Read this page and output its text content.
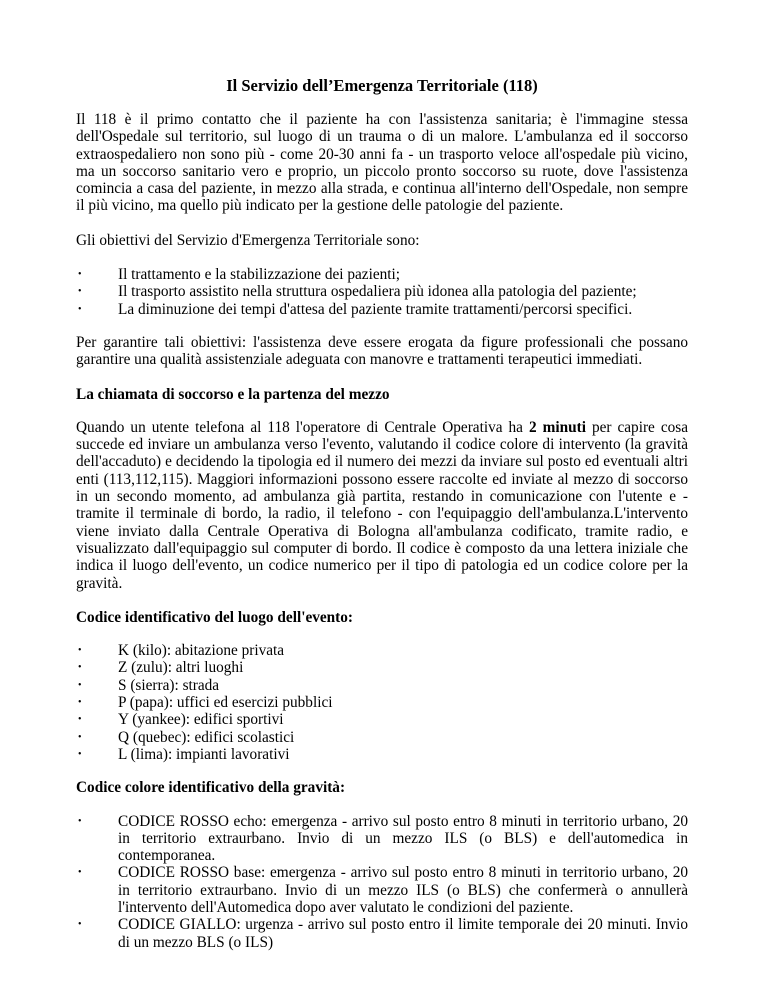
Il Servizio dell’Emergenza Territoriale (118)

Il 118 è il primo contatto che il paziente ha con l'assistenza sanitaria; è l'immagine stessa dell'Ospedale sul territorio, sul luogo di un trauma o di un malore. L'ambulanza ed il soccorso extraospedaliero non sono più - come 20-30 anni fa - un trasporto veloce all'ospedale più vicino, ma un soccorso sanitario vero e proprio, un piccolo pronto soccorso su ruote, dove l'assistenza comincia a casa del paziente, in mezzo alla strada, e continua all'interno dell'Ospedale, non sempre il più vicino, ma quello più indicato per la gestione delle patologie del paziente.

Gli obiettivi del Servizio d'Emergenza Territoriale sono:

• Il trattamento e la stabilizzazione dei pazienti;
• Il trasporto assistito nella struttura ospedaliera più idonea alla patologia del paziente;
• La diminuzione dei tempi d'attesa del paziente tramite trattamenti/percorsi specifici.

Per garantire tali obiettivi: l'assistenza deve essere erogata da figure professionali che possano garantire una qualità assistenziale adeguata con manovre e trattamenti terapeutici immediati.

La chiamata di soccorso e la partenza del mezzo

Quando un utente telefona al 118 l'operatore di Centrale Operativa ha 2 minuti per capire cosa succede ed inviare un ambulanza verso l'evento, valutando il codice colore di intervento (la gravità dell'accaduto) e decidendo la tipologia ed il numero dei mezzi da inviare sul posto ed eventuali altri enti (113,112,115). Maggiori informazioni possono essere raccolte ed inviate al mezzo di soccorso in un secondo momento, ad ambulanza già partita, restando in comunicazione con l'utente e - tramite il terminale di bordo, la radio, il telefono - con l'equipaggio dell'ambulanza.L'intervento viene inviato dalla Centrale Operativa di Bologna all'ambulanza codificato, tramite radio, e visualizzato dall'equipaggio sul computer di bordo. Il codice è composto da una lettera iniziale che indica il luogo dell'evento, un codice numerico per il tipo di patologia ed un codice colore per la gravità.

Codice identificativo del luogo dell'evento:
• K (kilo): abitazione privata
• Z (zulu): altri luoghi
• S (sierra): strada
• P (papa): uffici ed esercizi pubblici
• Y (yankee): edifici sportivi
• Q (quebec): edifici scolastici
• L (lima): impianti lavorativi
Codice colore identificativo della gravità:
• CODICE ROSSO echo: emergenza - arrivo sul posto entro 8 minuti in territorio urbano, 20 in territorio extraurbano. Invio di un mezzo ILS (o BLS) e dell'automedica in contemporanea.
• CODICE ROSSO base: emergenza - arrivo sul posto entro 8 minuti in territorio urbano, 20 in territorio extraurbano. Invio di un mezzo ILS (o BLS) che confermerà o annullerà l'intervento dell'Automedica dopo aver valutato le condizioni del paziente.
• CODICE GIALLO: urgenza - arrivo sul posto entro il limite temporale dei 20 minuti. Invio di un mezzo BLS (o ILS)
